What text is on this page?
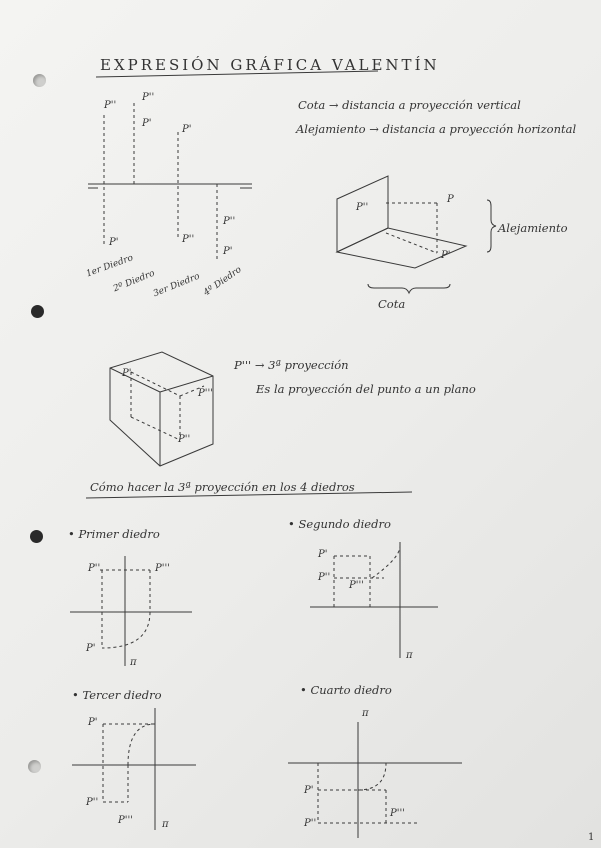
EXPRESIÓN GRÁFICA VALENTÍN
Cota → distancia a proyección vertical
Alejamiento → distancia a proyección horizontal
P''
P''
P'
P'
P'	P''
P''
P'
1er Diedro
2º Diedro
3er Diedro 4º Diedro
P
P''
P'
Alejamiento
Cota
P''' → 3ª proyección
Es la proyección del punto a un plano
P'
P''
P'''
Cómo hacer la 3ª proyección en los 4 diedros
• Primer diedro
P''	P'''
P'
π
• Segundo diedro
P'
P''
P'''
π
• Tercer diedro
P'
P''
P'''	π
• Cuarto diedro
π
P'
P''
P'''
1
